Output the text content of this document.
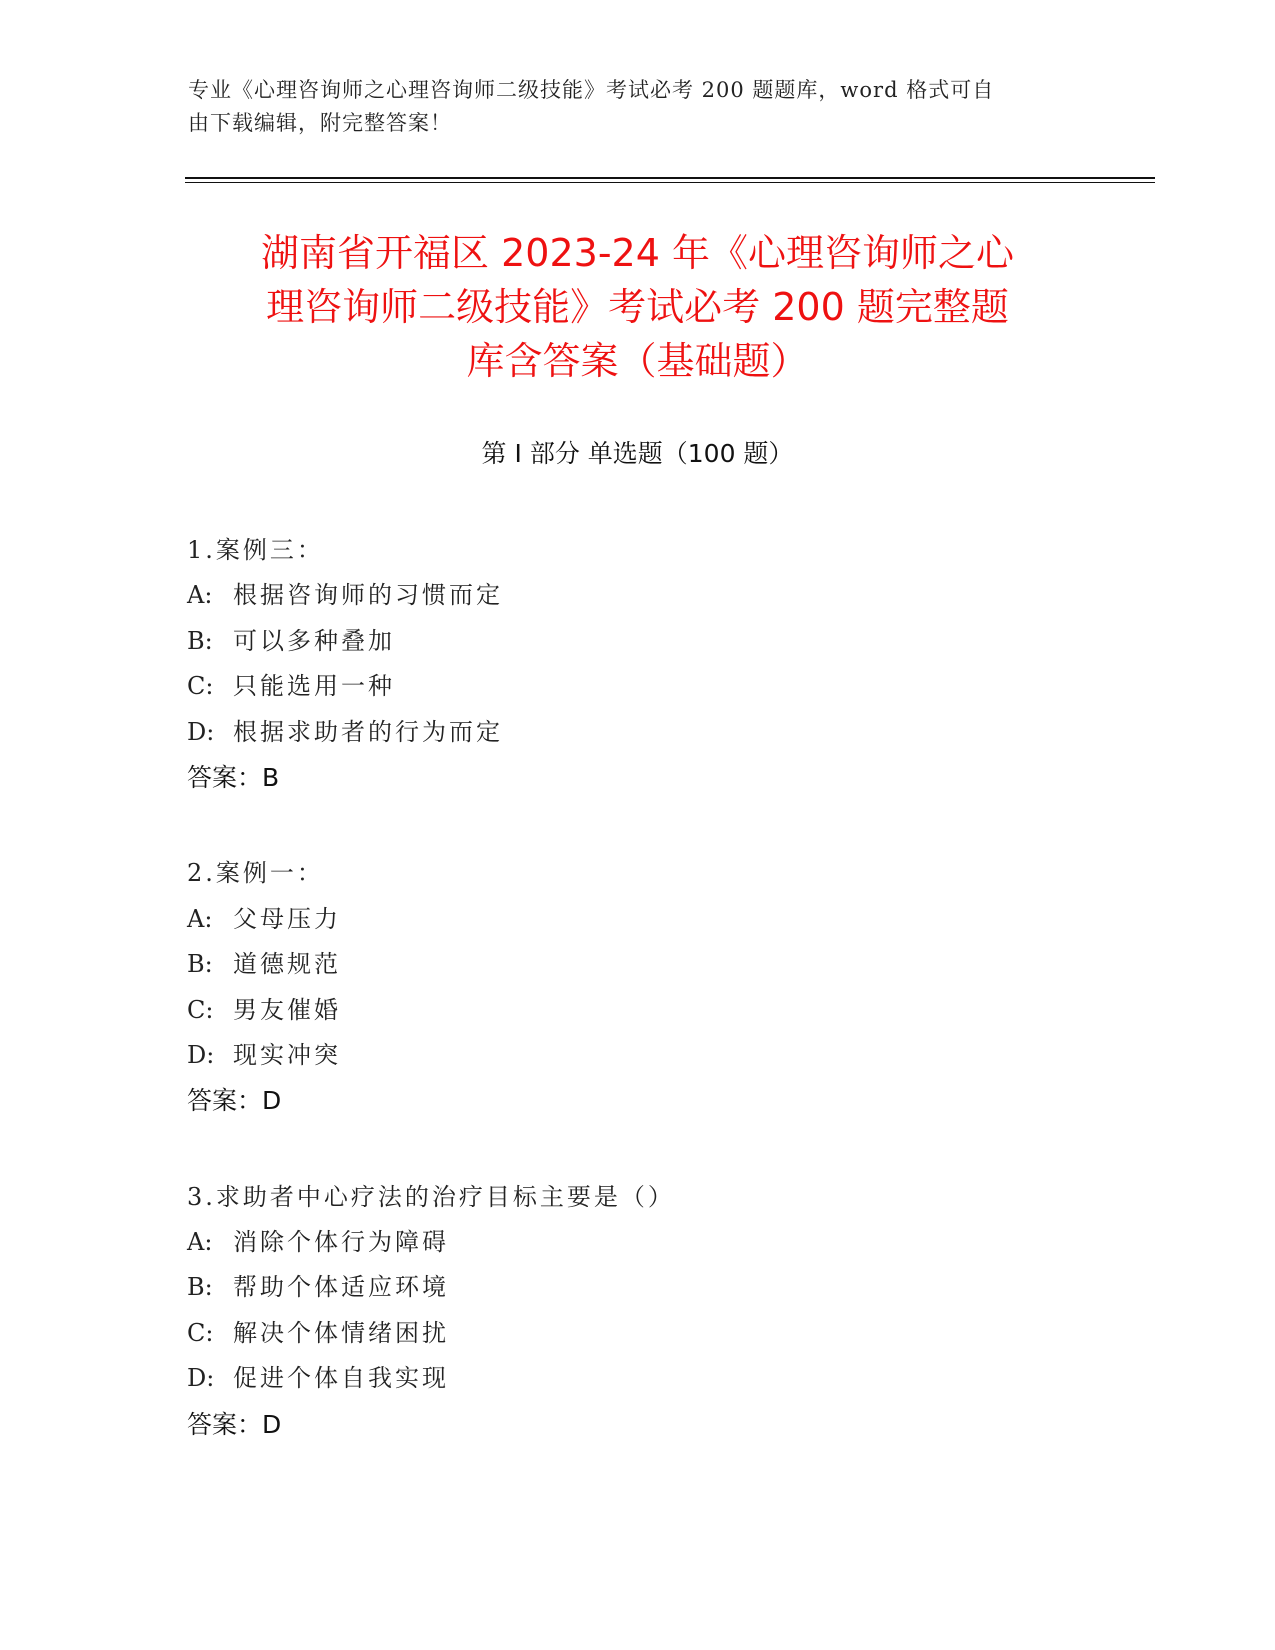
专业《心理咨询师之心理咨询师二级技能》考试必考 200 题题库，word 格式可自
由下载编辑，附完整答案！
湖南省开福区 2023-24 年《心理咨询师之心
理咨询师二级技能》考试必考 200 题完整题
库含答案（基础题）
第 I 部分 单选题（100 题）
1.案例三：
A: 根据咨询师的习惯而定
B: 可以多种叠加
C: 只能选用一种
D: 根据求助者的行为而定
答案：B
2.案例一：
A: 父母压力
B: 道德规范
C: 男友催婚
D: 现实冲突
答案：D
3.求助者中心疗法的治疗目标主要是（）
A: 消除个体行为障碍
B: 帮助个体适应环境
C: 解决个体情绪困扰
D: 促进个体自我实现
答案：D
